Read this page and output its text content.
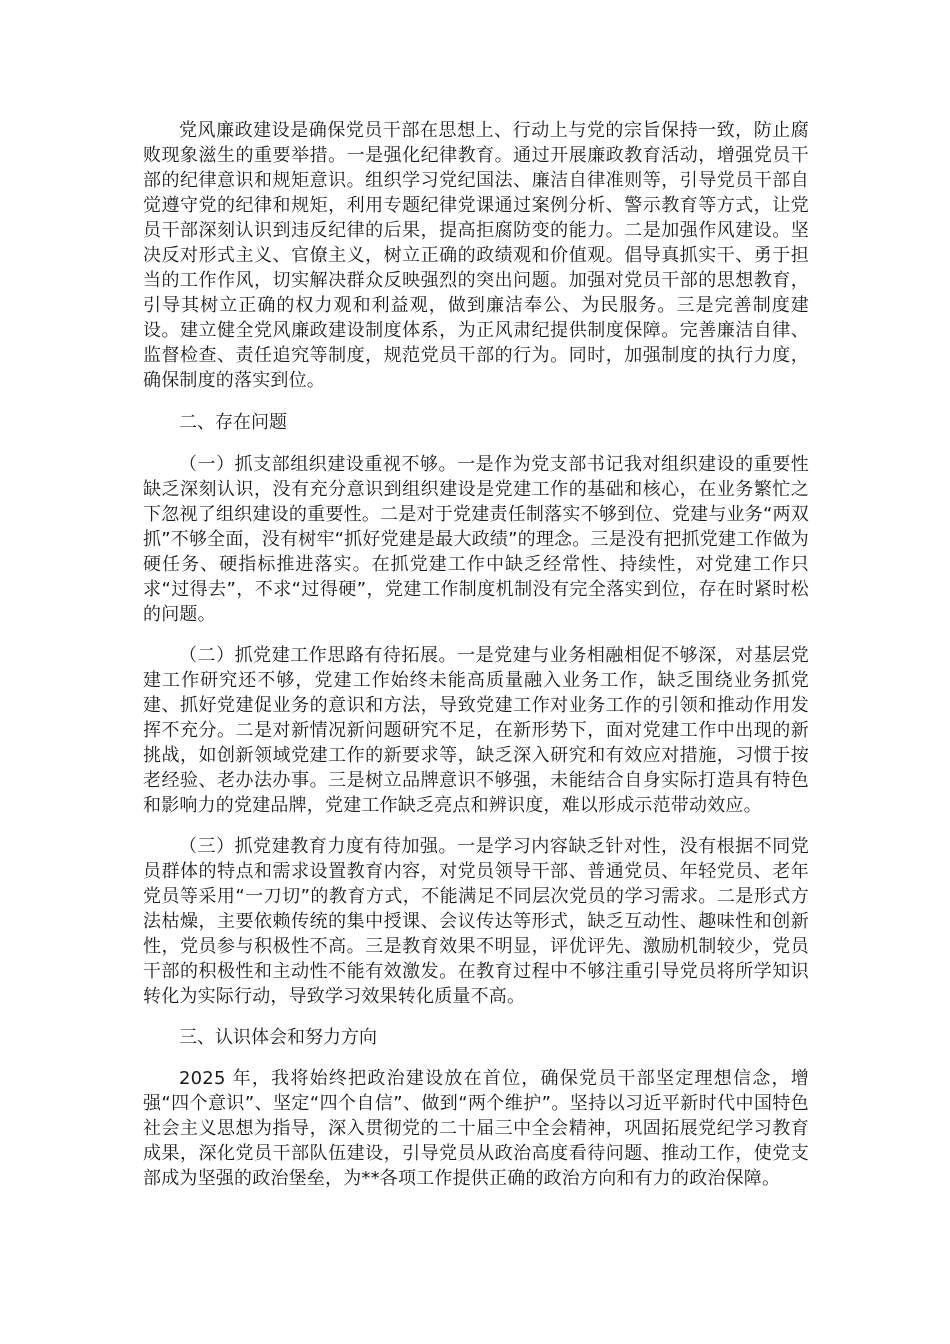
党风廉政建设是确保党员干部在思想上、行动上与党的宗旨保持一致，防止腐败现象滋生的重要举措。一是强化纪律教育。通过开展廉政教育活动，增强党员干部的纪律意识和规矩意识。组织学习党纪国法、廉洁自律准则等，引导党员干部自觉遵守党的纪律和规矩，利用专题纪律党课通过案例分析、警示教育等方式，让党员干部深刻认识到违反纪律的后果，提高拒腐防变的能力。二是加强作风建设。坚决反对形式主义、官僚主义，树立正确的政绩观和价值观。倡导真抓实干、勇于担当的工作作风，切实解决群众反映强烈的突出问题。加强对党员干部的思想教育，引导其树立正确的权力观和利益观，做到廉洁奉公、为民服务。三是完善制度建设。建立健全党风廉政建设制度体系，为正风肃纪提供制度保障。完善廉洁自律、监督检查、责任追究等制度，规范党员干部的行为。同时，加强制度的执行力度，确保制度的落实到位。

二、存在问题

（一）抓支部组织建设重视不够。一是作为党支部书记我对组织建设的重要性缺乏深刻认识，没有充分意识到组织建设是党建工作的基础和核心，在业务繁忙之下忽视了组织建设的重要性。二是对于党建责任制落实不够到位、党建与业务“两双抓”不够全面，没有树牢“抓好党建是最大政绩”的理念。三是没有把抓党建工作做为硬任务、硬指标推进落实。在抓党建工作中缺乏经常性、持续性，对党建工作只求“过得去”，不求“过得硬”，党建工作制度机制没有完全落实到位，存在时紧时松的问题。

（二）抓党建工作思路有待拓展。一是党建与业务相融相促不够深，对基层党建工作研究还不够，党建工作始终未能高质量融入业务工作，缺乏围绕业务抓党建、抓好党建促业务的意识和方法，导致党建工作对业务工作的引领和推动作用发挥不充分。二是对新情况新问题研究不足，在新形势下，面对党建工作中出现的新挑战，如创新领域党建工作的新要求等，缺乏深入研究和有效应对措施，习惯于按老经验、老办法办事。三是树立品牌意识不够强，未能结合自身实际打造具有特色和影响力的党建品牌，党建工作缺乏亮点和辨识度，难以形成示范带动效应。

（三）抓党建教育力度有待加强。一是学习内容缺乏针对性，没有根据不同党员群体的特点和需求设置教育内容，对党员领导干部、普通党员、年轻党员、老年党员等采用“一刀切”的教育方式，不能满足不同层次党员的学习需求。二是形式方法枯燥，主要依赖传统的集中授课、会议传达等形式，缺乏互动性、趣味性和创新性，党员参与积极性不高。三是教育效果不明显，评优评先、激励机制较少，党员干部的积极性和主动性不能有效激发。在教育过程中不够注重引导党员将所学知识转化为实际行动，导致学习效果转化质量不高。

三、认识体会和努力方向

2025 年，我将始终把政治建设放在首位，确保党员干部坚定理想信念，增强“四个意识”、坚定“四个自信”、做到“两个维护”。坚持以习近平新时代中国特色社会主义思想为指导，深入贯彻党的二十届三中全会精神，巩固拓展党纪学习教育成果，深化党员干部队伍建设，引导党员从政治高度看待问题、推动工作，使党支部成为坚强的政治堡垒，为**各项工作提供正确的政治方向和有力的政治保障。
